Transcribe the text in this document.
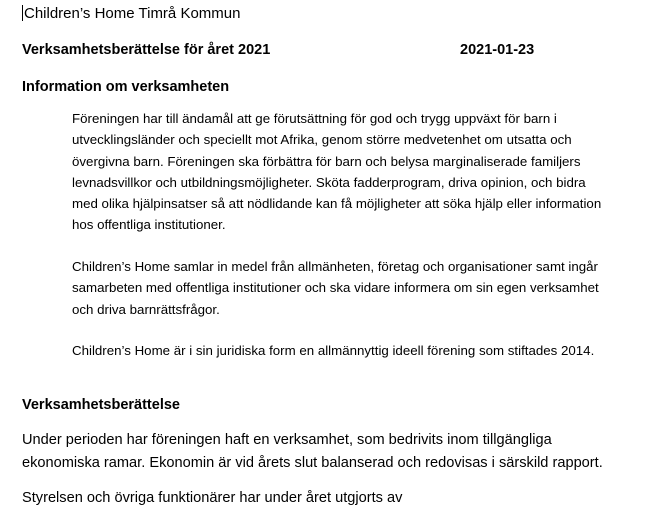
Children’s Home Timrå Kommun
Verksamhetsberättelse för året 2021	2021-01-23
Information om verksamheten

Föreningen har till ändamål att ge förutsättning för god och trygg uppväxt för barn i
utvecklingsländer och speciellt mot Afrika, genom större medvetenhet om utsatta och
övergivna barn. Föreningen ska förbättra för barn och belysa marginaliserade familjers
levnadsvillkor och utbildningsmöjligheter. Sköta fadderprogram, driva opinion, och bidra
med olika hjälpinsatser så att nödlidande kan få möjligheter att söka hjälp eller information
hos offentliga institutioner.

Children’s Home samlar in medel från allmänheten, företag och organisationer samt ingår
samarbeten med offentliga institutioner och ska vidare informera om sin egen verksamhet
och driva barnrättsfrågor.

Children’s Home är i sin juridiska form en allmännyttig ideell förening som stiftades 2014.

Verksamhetsberättelse

Under perioden har föreningen haft en verksamhet, som bedrivits inom tillgängliga
ekonomiska ramar. Ekonomin är vid årets slut balanserad och redovisas i särskild rapport.

Styrelsen och övriga funktionärer har under året utgjorts av
